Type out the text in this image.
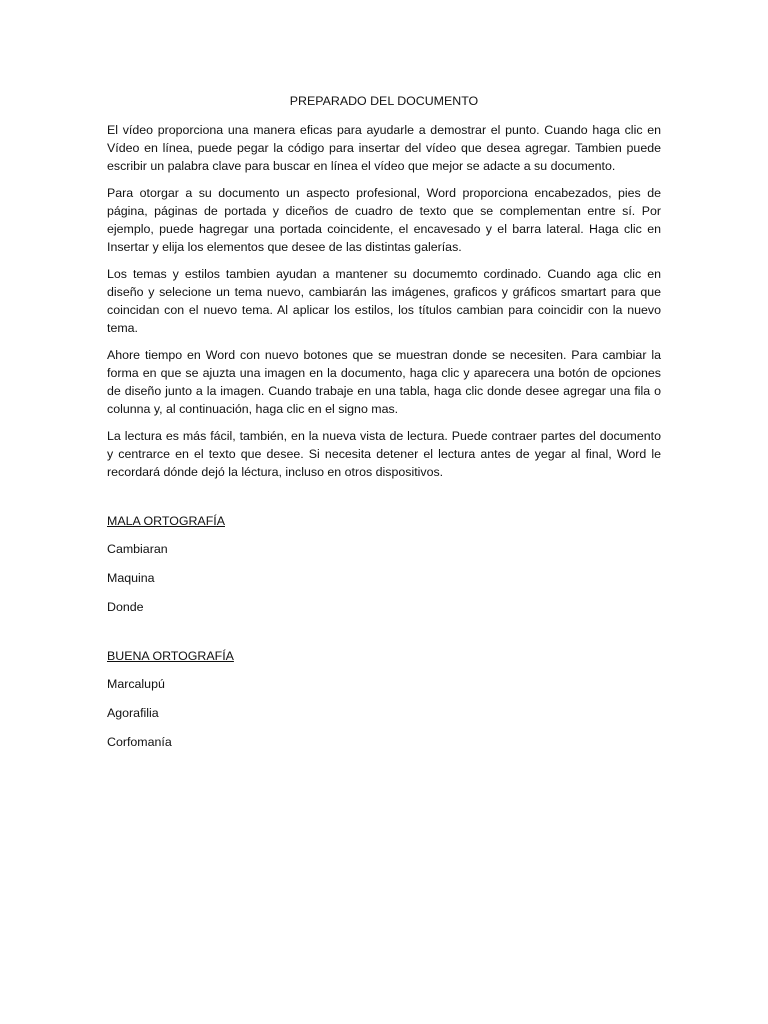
PREPARADO DEL DOCUMENTO

El vídeo proporciona una manera eficas para ayudarle a demostrar el punto. Cuando haga clic en Vídeo en línea, puede pegar la código para insertar del vídeo que desea agregar. Tambien puede escribir un palabra clave para buscar en línea el vídeo que mejor se adacte a su documento.

Para otorgar a su documento un aspecto profesional, Word proporciona encabezados, pies de página, páginas de portada y diceños de cuadro de texto que se complementan entre sí. Por ejemplo, puede hagregar una portada coincidente, el encavesado y el barra lateral. Haga clic en Insertar y elija los elementos que desee de las distintas galerías.

Los temas y estilos tambien ayudan a mantener su documemto cordinado. Cuando aga clic en diseño y selecione un tema nuevo, cambiarán las imágenes, graficos y gráficos smartart para que coincidan con el nuevo tema. Al aplicar los estilos, los títulos cambian para coincidir con la nuevo tema.

Ahore tiempo en Word con nuevo botones que se muestran donde se necesiten. Para cambiar la forma en que se ajuzta una imagen en la documento, haga clic y aparecera una botón de opciones de diseño junto a la imagen. Cuando trabaje en una tabla, haga clic donde desee agregar una fila o colunna y, al continuación, haga clic en el signo mas.

La lectura es más fácil, también, en la nueva vista de lectura. Puede contraer partes del documento y centrarce en el texto que desee. Si necesita detener el lectura antes de yegar al final, Word le recordará dónde dejó la léctura, incluso en otros dispositivos.

MALA ORTOGRAFÍA
Cambiaran
Maquina
Donde
BUENA ORTOGRAFÍA
Marcalupú
Agorafilia
Corfomanía
